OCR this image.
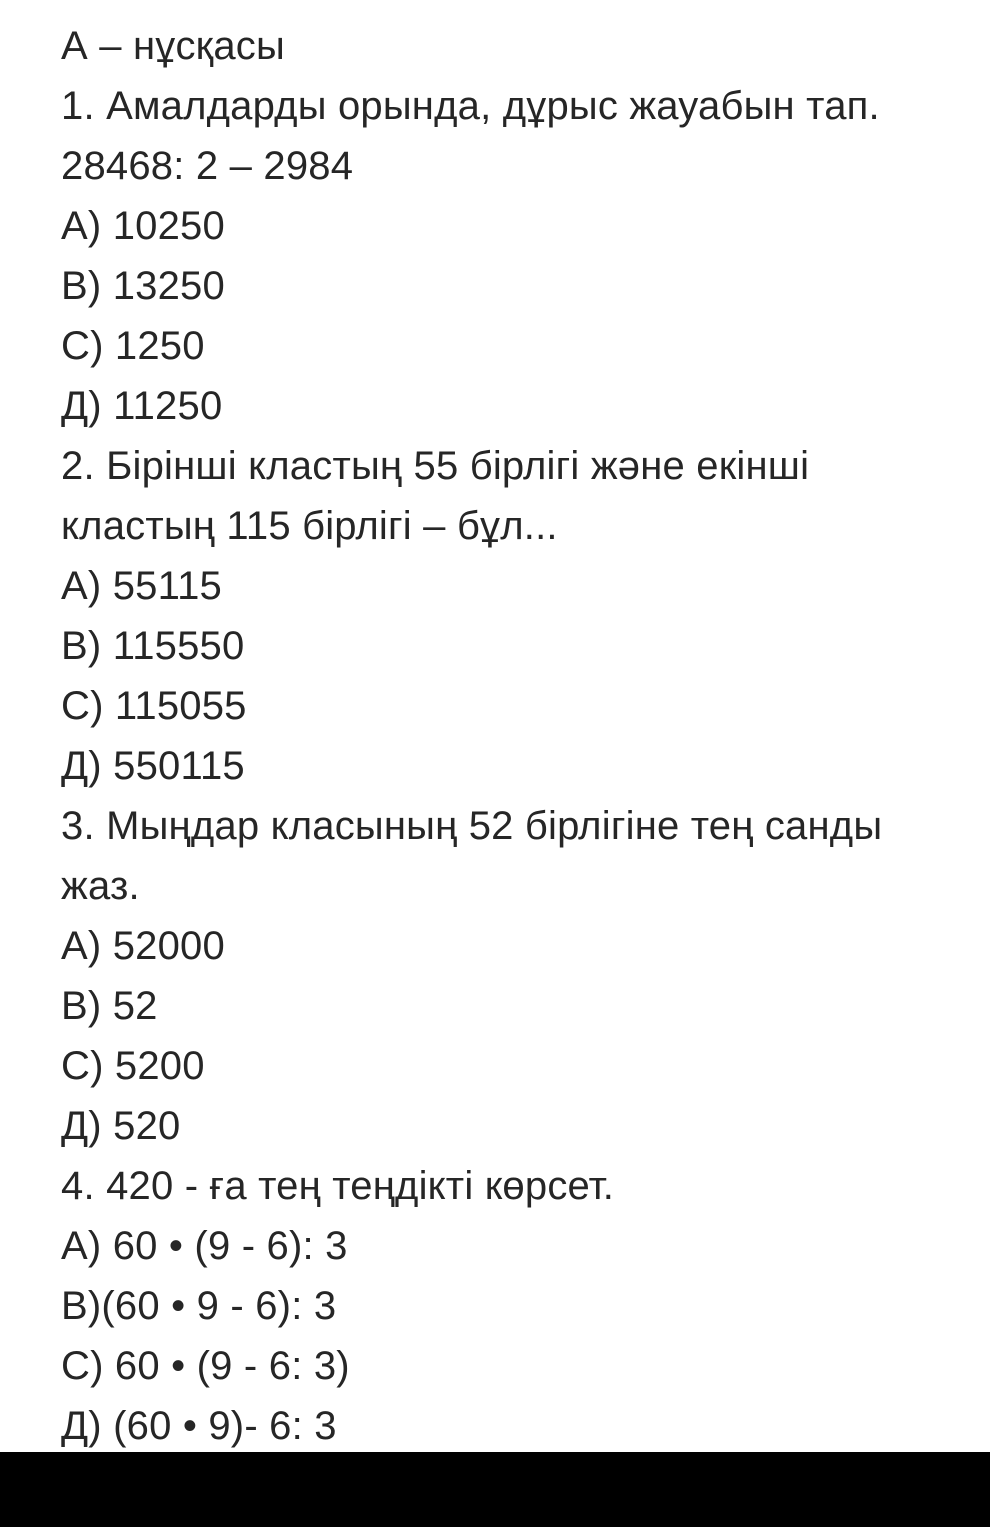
А – нұсқасы
1. Амалдарды орында, дұрыс жауабын тап.
28468: 2 – 2984
А) 10250
В) 13250
С) 1250
Д) 11250
2. Бірінші кластың 55 бірлігі және екінші
кластың 115 бірлігі – бұл...
А) 55115
В) 115550
С) 115055
Д) 550115
3. Мыңдар класының 52 бірлігіне тең санды
жаз.
А) 52000
В) 52
С) 5200
Д) 520
4. 420 - ға тең теңдікті көрсет.
А) 60 • (9 - 6): 3
В)(60 • 9 - 6): 3
С) 60 • (9 - 6: 3)
Д) (60 • 9)- 6: 3
